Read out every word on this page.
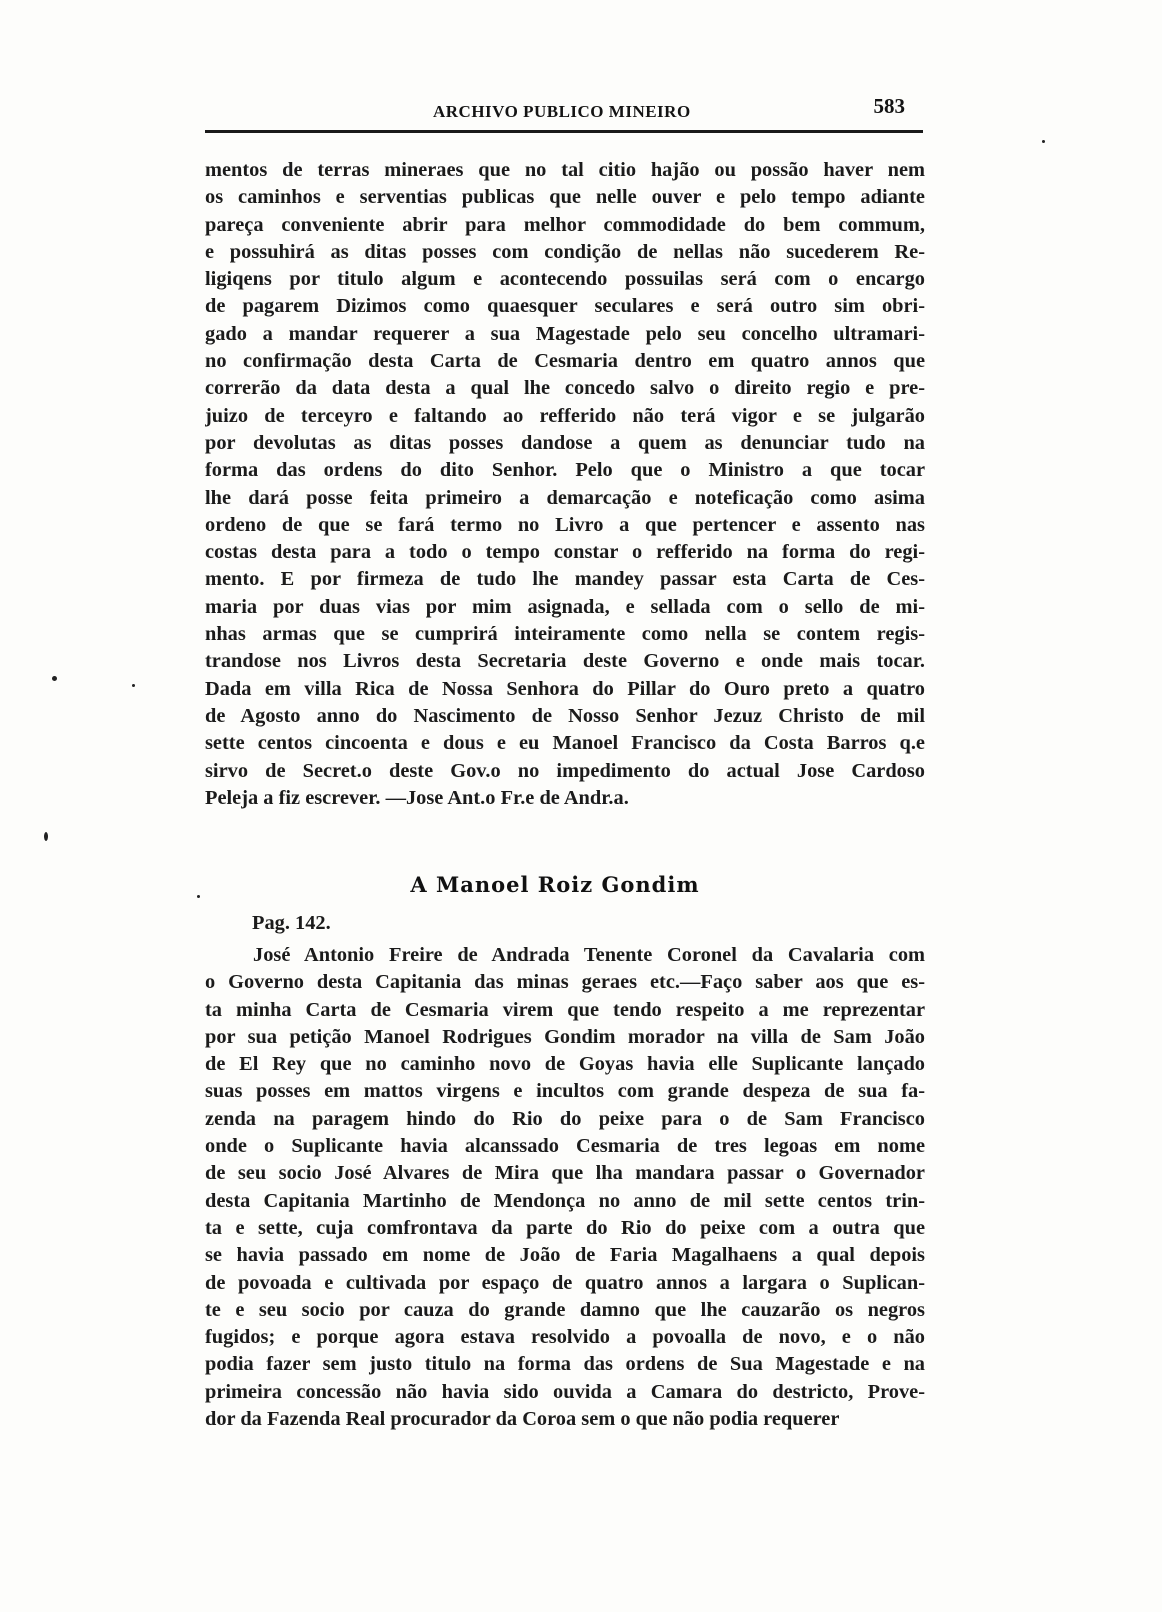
ARCHIVO PUBLICO MINEIRO	583
mentos de terras mineraes que no tal citio hajão ou possão haver nem
os caminhos e serventias publicas que nelle ouver e pelo tempo adiante
pareça conveniente abrir para melhor commodidade do bem commum,
e possuhirá as ditas posses com condição de nellas não sucederem Re-
ligiqens por titulo algum e acontecendo possuilas será com o encargo
de pagarem Dizimos como quaesquer seculares e será outro sim obri-
gado a mandar requerer a sua Magestade pelo seu concelho ultramari-
no confirmação desta Carta de Cesmaria dentro em quatro annos que
correrão da data desta a qual lhe concedo salvo o direito regio e pre-
juizo de terceyro e faltando ao refferido não terá vigor e se julgarão
por devolutas as ditas posses dandose a quem as denunciar tudo na
forma das ordens do dito Senhor. Pelo que o Ministro a que tocar
lhe dará posse feita primeiro a demarcação e noteficação como asima
ordeno de que se fará termo no Livro a que pertencer e assento nas
costas desta para a todo o tempo constar o refferido na forma do regi-
mento. E por firmeza de tudo lhe mandey passar esta Carta de Ces-
maria por duas vias por mim asignada, e sellada com o sello de mi-
nhas armas que se cumprirá inteiramente como nella se contem regis-
trandose nos Livros desta Secretaria deste Governo e onde mais tocar.
Dada em villa Rica de Nossa Senhora do Pillar do Ouro preto a quatro
de Agosto anno do Nascimento de Nosso Senhor Jezuz Christo de mil
sette centos cincoenta e dous e eu Manoel Francisco da Costa Barros q.e
sirvo de Secret.o deste Gov.o no impedimento do actual Jose Cardoso
Peleja a fiz escrever. —Jose Ant.o Fr.e de Andr.a.
A Manoel Roiz Gondim
Pag. 142.
José Antonio Freire de Andrada Tenente Coronel da Cavalaria com
o Governo desta Capitania das minas geraes etc.—Faço saber aos que es-
ta minha Carta de Cesmaria virem que tendo respeito a me reprezentar
por sua petição Manoel Rodrigues Gondim morador na villa de Sam João
de El Rey que no caminho novo de Goyas havia elle Suplicante lançado
suas posses em mattos virgens e incultos com grande despeza de sua fa-
zenda na paragem hindo do Rio do peixe para o de Sam Francisco
onde o Suplicante havia alcanssado Cesmaria de tres legoas em nome
de seu socio José Alvares de Mira que lha mandara passar o Governador
desta Capitania Martinho de Mendonça no anno de mil sette centos trin-
ta e sette, cuja comfrontava da parte do Rio do peixe com a outra que
se havia passado em nome de João de Faria Magalhaens a qual depois
de povoada e cultivada por espaço de quatro annos a largara o Suplican-
te e seu socio por cauza do grande damno que lhe cauzarão os negros
fugidos; e porque agora estava resolvido a povoalla de novo, e o não
podia fazer sem justo titulo na forma das ordens de Sua Magestade e na
primeira concessão não havia sido ouvida a Camara do destricto, Prove-
dor da Fazenda Real procurador da Coroa sem o que não podia requerer
